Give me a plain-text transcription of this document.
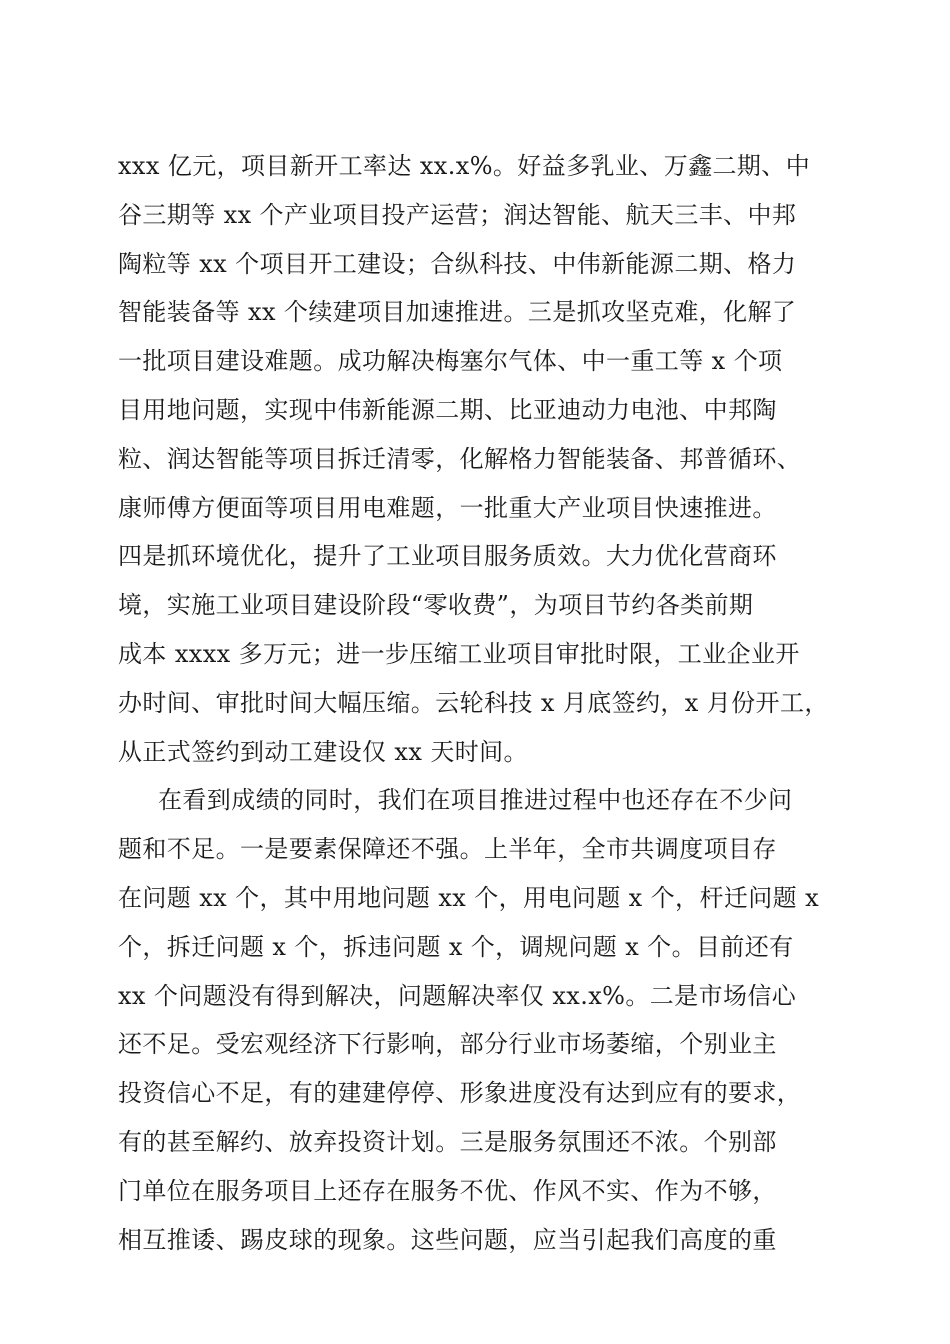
xxx 亿元，项目新开工率达 xx.x%。好益多乳业、万鑫二期、中
谷三期等 xx 个产业项目投产运营；润达智能、航天三丰、中邦
陶粒等 xx 个项目开工建设；合纵科技、中伟新能源二期、格力
智能装备等 xx 个续建项目加速推进。三是抓攻坚克难，化解了
一批项目建设难题。成功解决梅塞尔气体、中一重工等 x 个项
目用地问题，实现中伟新能源二期、比亚迪动力电池、中邦陶
粒、润达智能等项目拆迁清零，化解格力智能装备、邦普循环、
康师傅方便面等项目用电难题，一批重大产业项目快速推进。
四是抓环境优化，提升了工业项目服务质效。大力优化营商环
境，实施工业项目建设阶段“零收费”，为项目节约各类前期
成本 xxxx 多万元；进一步压缩工业项目审批时限，工业企业开
办时间、审批时间大幅压缩。云轮科技 x 月底签约，x 月份开工，
从正式签约到动工建设仅 xx 天时间。
在看到成绩的同时，我们在项目推进过程中也还存在不少问
题和不足。一是要素保障还不强。上半年，全市共调度项目存
在问题 xx 个，其中用地问题 xx 个，用电问题 x 个，杆迁问题 x
个，拆迁问题 x 个，拆违问题 x 个，调规问题 x 个。目前还有
xx 个问题没有得到解决，问题解决率仅 xx.x%。二是市场信心
还不足。受宏观经济下行影响，部分行业市场萎缩，个别业主
投资信心不足，有的建建停停、形象进度没有达到应有的要求，
有的甚至解约、放弃投资计划。三是服务氛围还不浓。个别部
门单位在服务项目上还存在服务不优、作风不实、作为不够，
相互推诿、踢皮球的现象。这些问题，应当引起我们高度的重
